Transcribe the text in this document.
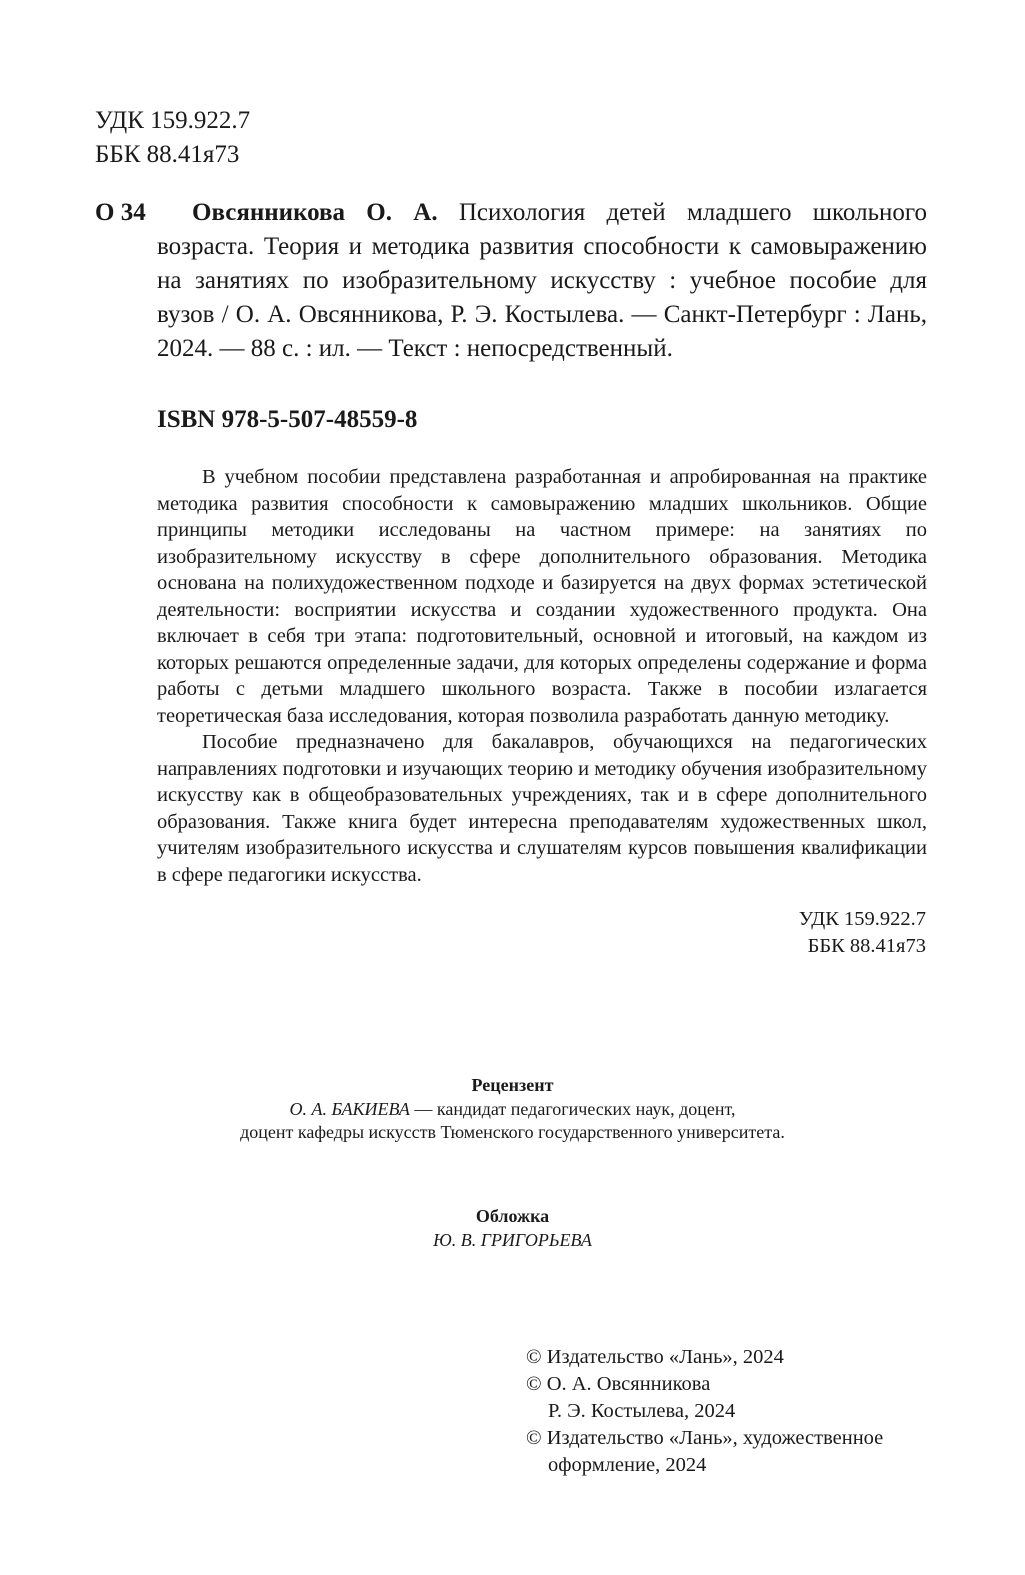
УДК 159.922.7
ББК 88.41я73
О 34	Овсянникова О. А. Психология детей младшего школьного возраста. Теория и методика развития способности к самовыражению на занятиях по изобразительному искусству : учебное пособие для вузов / О. А. Овсянникова, Р. Э. Костылева. — Санкт-Петербург : Лань, 2024. — 88 с. : ил. — Текст : непосредственный.
ISBN 978-5-507-48559-8

В учебном пособии представлена разработанная и апробированная на практике методика развития способности к самовыражению младших школьников. Общие принципы методики исследованы на частном примере: на занятиях по изобразительному искусству в сфере дополнительного образования. Методика основана на полихудожественном подходе и базируется на двух формах эстетической деятельности: восприятии искусства и создании художественного продукта. Она включает в себя три этапа: подготовительный, основной и итоговый, на каждом из которых решаются определенные задачи, для которых определены содержание и форма работы с детьми младшего школьного возраста. Также в пособии излагается теоретическая база исследования, которая позволила разработать данную методику.

Пособие предназначено для бакалавров, обучающихся на педагогических направлениях подготовки и изучающих теорию и методику обучения изобразительному искусству как в общеобразовательных учреждениях, так и в сфере дополнительного образования. Также книга будет интересна преподавателям художественных школ, учителям изобразительного искусства и слушателям курсов повышения квалификации в сфере педагогики искусства.

УДК 159.922.7
ББК 88.41я73
Рецензент
О. А. БАКИЕВА — кандидат педагогических наук, доцент,
доцент кафедры искусств Тюменского государственного университета.
Обложка
Ю. В. ГРИГОРЬЕВА
© Издательство «Лань», 2024
© О. А. Овсянникова
Р. Э. Костылева, 2024
© Издательство «Лань», художественное оформление, 2024
